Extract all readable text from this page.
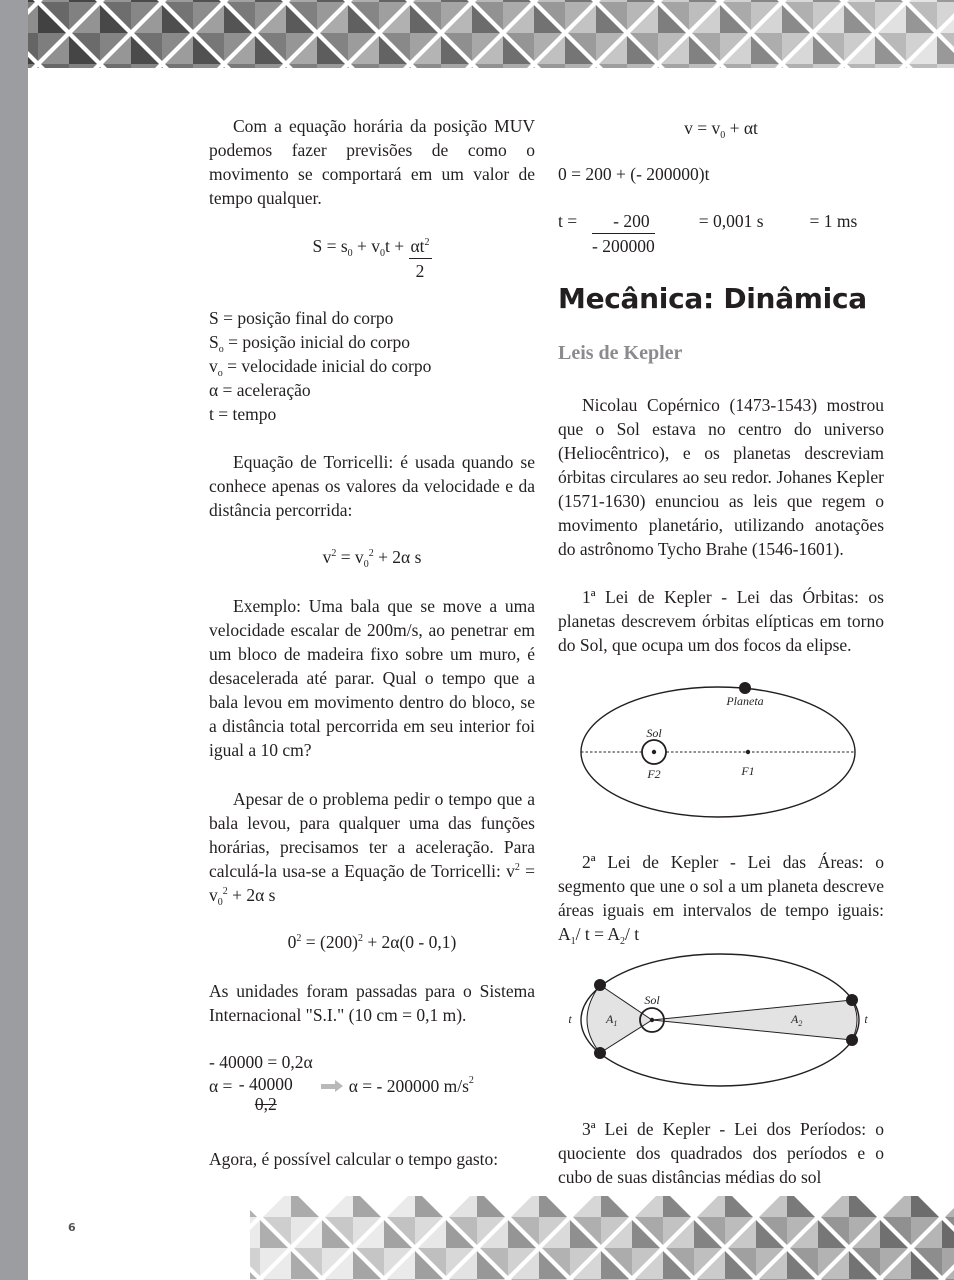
Com a equação horária da posição MUV podemos fazer previsões de como o movimento se comportará em um valor de tempo qualquer.

$S = s_0 + v_0t + \frac{\alpha t^2}{2}$
S = posição final do corpo
$S_o$ = posição inicial do corpo
$v_o$ = velocidade inicial do corpo
α = aceleração
t = tempo

Equação de Torricelli: é usada quando se conhece apenas os valores da velocidade e da distância percorrida:

$v^2 = v_0^2 + 2\alpha$ s

Exemplo: Uma bala que se move a uma velocidade escalar de 200m/s, ao penetrar em um bloco de madeira fixo sobre um muro, é desacelerada até parar. Qual o tempo que a bala levou em movimento dentro do bloco, se a distância total percorrida em seu interior foi igual a 10 cm?

Apesar de o problema pedir o tempo que a bala levou, para qualquer uma das funções horárias, precisamos ter a aceleração. Para calculá-la usa-se a Equação de Torricelli: $v^2 = v_0^2 + 2\alpha$ s

$0^2 = (200)^2 + 2\alpha(0 - 0,1)$

As unidades foram passadas para o Sistema Internacional "S.I." (10 cm = 0,1 m).

- 40000 = 0,2α
α = - 40000
0,2
α = - 200000 $m/s^2$

Agora, é possível calcular o tempo gasto:

$v = v_0 + \alpha t$
0 = 200 + (- 200000)t
$t = \frac{- 200}{- 200000}$	= 0,001 s	= 1 ms
Mecânica: Dinâmica
Leis de Kepler

Nicolau Copérnico (1473-1543) mostrou que o Sol estava no centro do universo (Heliocêntrico), e os planetas descreviam órbitas circulares ao seu redor. Johanes Kepler (1571-1630) enunciou as leis que regem o movimento planetário, utilizando anotações do astrônomo Tycho Brahe (1546-1601).

1ª Lei de Kepler - Lei das Órbitas: os planetas descrevem órbitas elípticas em torno do Sol, que ocupa um dos focos da elipse.

Planeta
Sol
F2	F1

2ª Lei de Kepler - Lei das Áreas: o segmento que une o sol a um planeta descreve áreas iguais em intervalos de tempo iguais: $A_1/$ $t = A_2/$ t

Sol
t	t
$A_1$	$A_2$

3ª Lei de Kepler - Lei dos Períodos: o quociente dos quadrados dos períodos e o cubo de suas distâncias médias do sol

6
